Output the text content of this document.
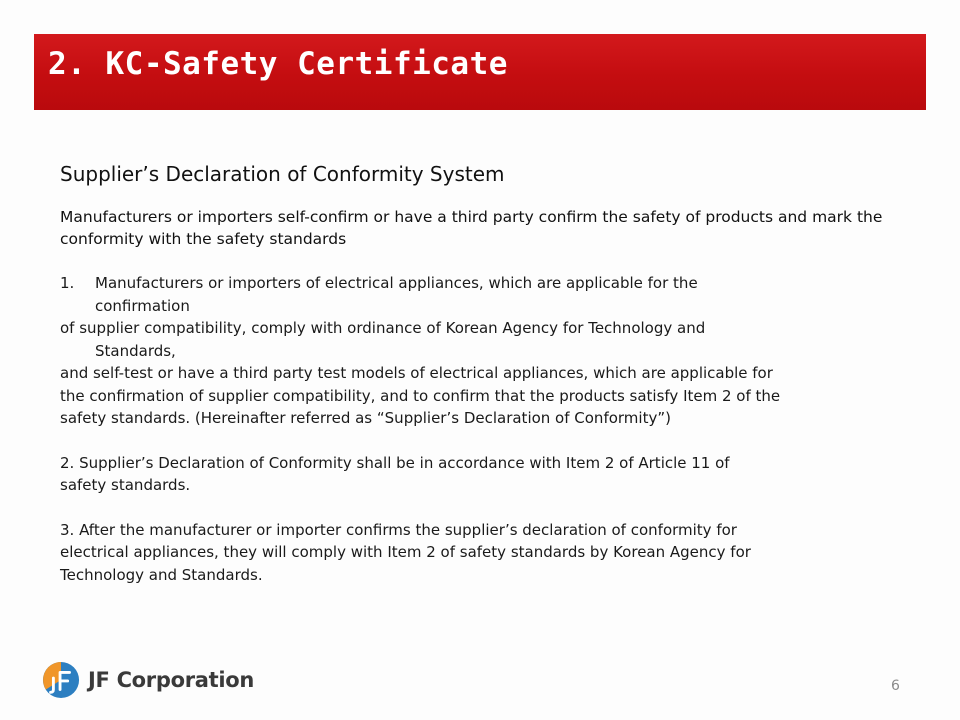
2. KC-Safety Certificate
Supplier’s Declaration of Conformity System
Manufacturers or importers self-confirm or have a third party confirm the safety of products and mark the conformity with the safety standards
1. Manufacturers or importers of electrical appliances, which are applicable for the
confirmation
of supplier compatibility, comply with ordinance of Korean Agency for Technology and
Standards,
and self-test or have a third party test models of electrical appliances, which are applicable for
the confirmation of supplier compatibility, and to confirm that the products satisfy Item 2 of the
safety standards. (Hereinafter referred as “Supplier’s Declaration of Conformity”)
2. Supplier’s Declaration of Conformity shall be in accordance with Item 2 of Article 11 of
safety standards.
3. After the manufacturer or importer confirms the supplier’s declaration of conformity for
electrical appliances, they will comply with Item 2 of safety standards by Korean Agency for
Technology and Standards.
JF Corporation	6
